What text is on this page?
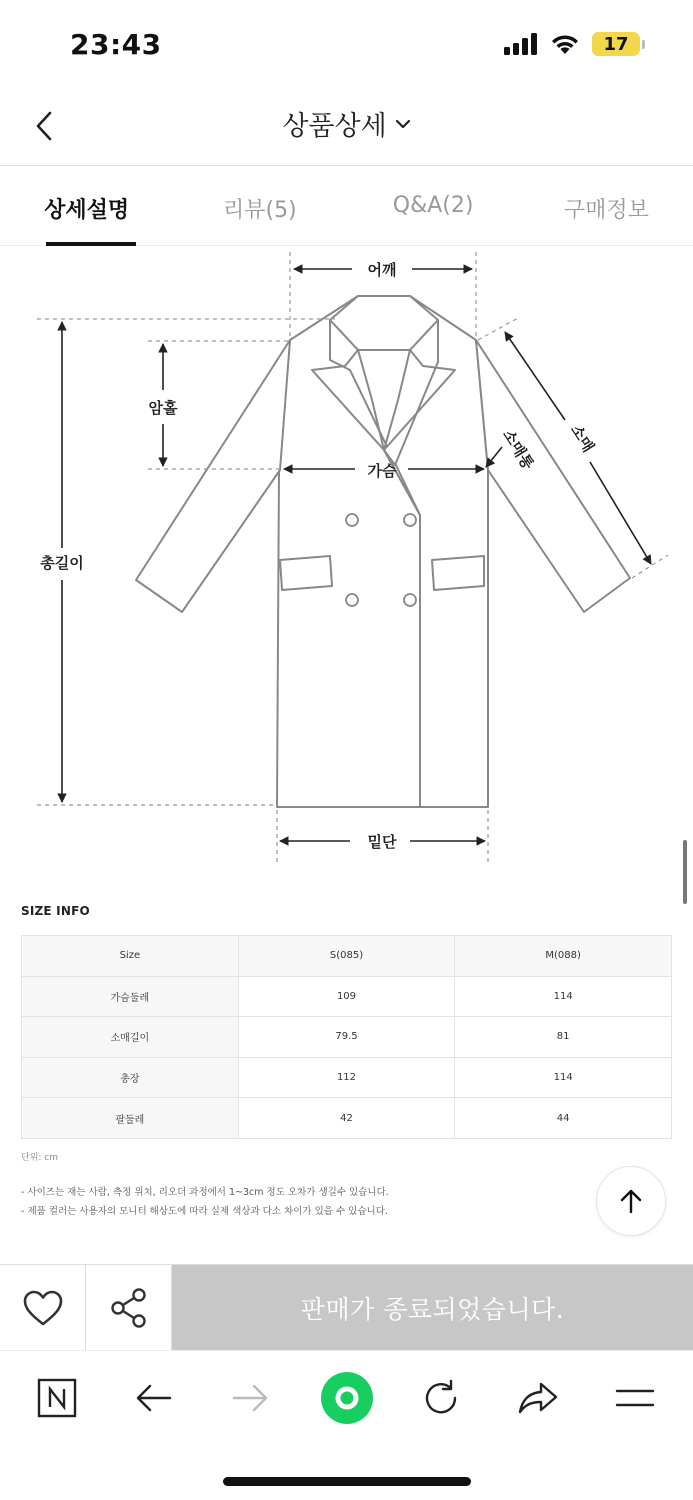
23:43	17
상품상세
상세설명	리뷰(5)	Q&A(2)	구매정보
어깨
암홀
가슴
총길이
밑단
소매통 소매
SIZE INFO
Size	S(085)	M(088)
가슴둘레	109	114
소매길이	79.5	81
총장	112	114
팔둘레	42	44
단위: cm
- 사이즈는 재는 사람, 측정 위치, 리오더 과정에서 1~3cm 정도 오차가 생길수 있습니다.
- 제품 컬러는 사용자의 모니터 해상도에 따라 실제 색상과 다소 차이가 있을 수 있습니다.
판매가 종료되었습니다.
